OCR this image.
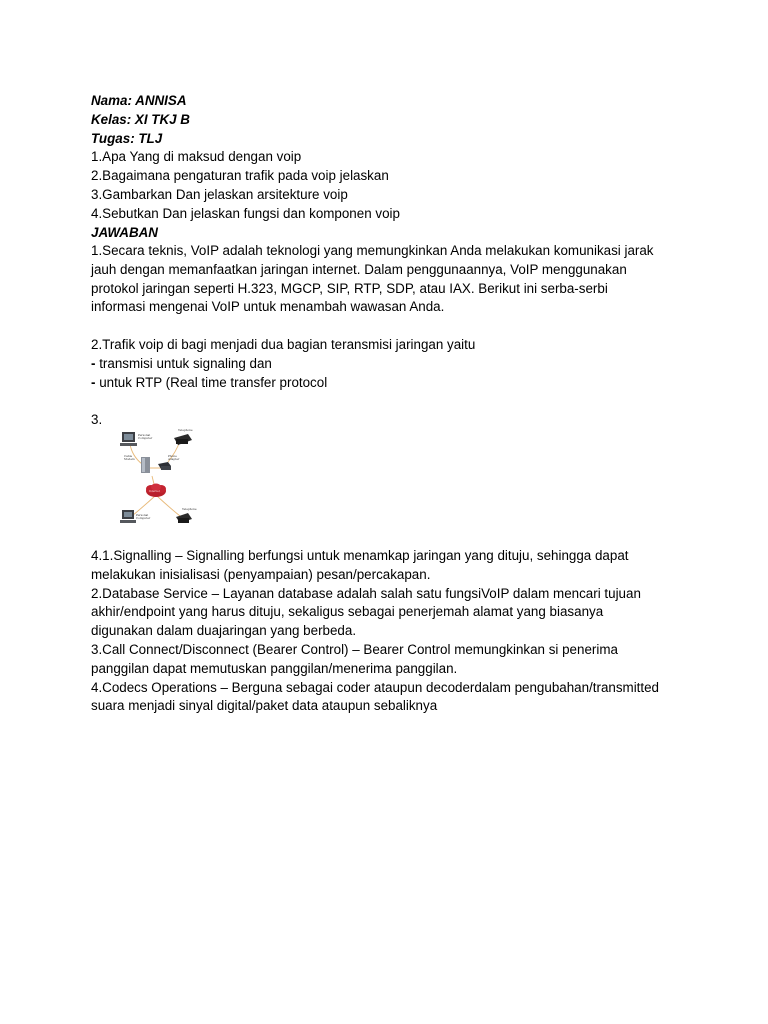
Nama: ANNISA
Kelas: XI TKJ B
Tugas: TLJ
1.Apa Yang di maksud dengan voip
2.Bagaimana pengaturan trafik pada voip jelaskan
3.Gambarkan Dan jelaskan arsitekture voip
4.Sebutkan Dan jelaskan fungsi dan komponen voip
JAWABAN
1.Secara teknis, VoIP adalah teknologi yang memungkinkan Anda melakukan komunikasi jarak
jauh dengan memanfaatkan jaringan internet. Dalam penggunaannya, VoIP menggunakan
protokol jaringan seperti H.323, MGCP, SIP, RTP, SDP, atau IAX. Berikut ini serba-serbi
informasi mengenai VoIP untuk menambah wawasan Anda.
2.Trafik voip di bagi menjadi dua bagian teransmisi jaringan yaitu
- transmisi untuk signaling dan
- untuk RTP (Real time transfer protocol
3.
Personal
Computer
Telephone
Cable
Modem
Phone
Adapter
Internet
Personal
Computer
Telephone
4.1.Signalling – Signalling berfungsi untuk menamkap jaringan yang dituju, sehingga dapat
melakukan inisialisasi (penyampaian) pesan/percakapan.
2.Database Service – Layanan database adalah salah satu fungsiVoIP dalam mencari tujuan
akhir/endpoint yang harus dituju, sekaligus sebagai penerjemah alamat yang biasanya
digunakan dalam duajaringan yang berbeda.
3.Call Connect/Disconnect (Bearer Control) – Bearer Control memungkinkan si penerima
panggilan dapat memutuskan panggilan/menerima panggilan.
4.Codecs Operations – Berguna sebagai coder ataupun decoderdalam pengubahan/transmitted
suara menjadi sinyal digital/paket data ataupun sebaliknya
